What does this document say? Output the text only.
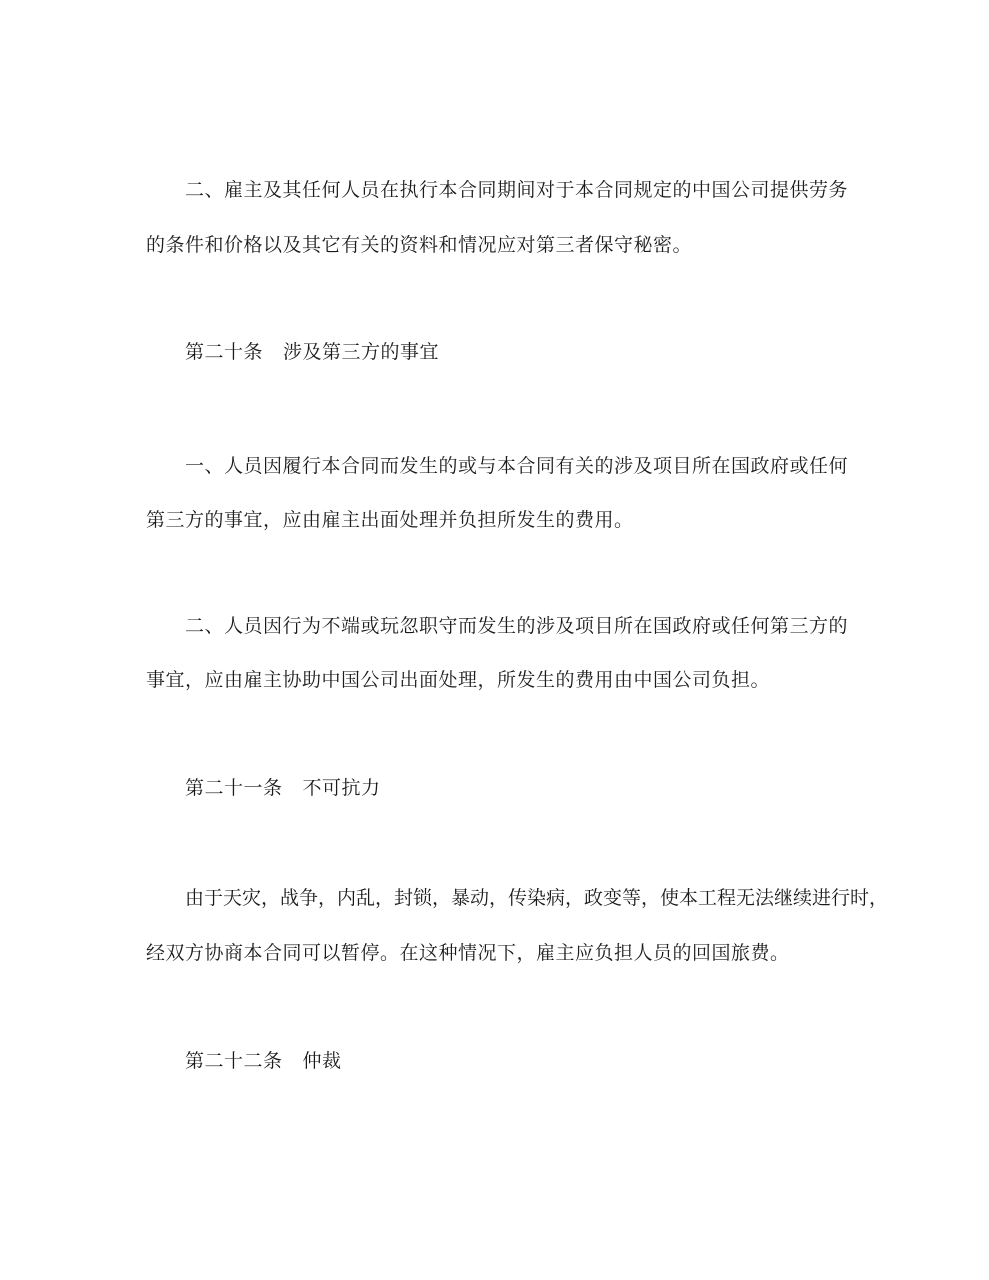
二、雇主及其任何人员在执行本合同期间对于本合同规定的中国公司提供劳务
的条件和价格以及其它有关的资料和情况应对第三者保守秘密。
第二十条 涉及第三方的事宜
一、人员因履行本合同而发生的或与本合同有关的涉及项目所在国政府或任何
第三方的事宜，应由雇主出面处理并负担所发生的费用。
二、人员因行为不端或玩忽职守而发生的涉及项目所在国政府或任何第三方的
事宜，应由雇主协助中国公司出面处理，所发生的费用由中国公司负担。
第二十一条 不可抗力
由于天灾，战争，内乱，封锁，暴动，传染病，政变等，使本工程无法继续进行时，
经双方协商本合同可以暂停。在这种情况下，雇主应负担人员的回国旅费。
第二十二条 仲裁
